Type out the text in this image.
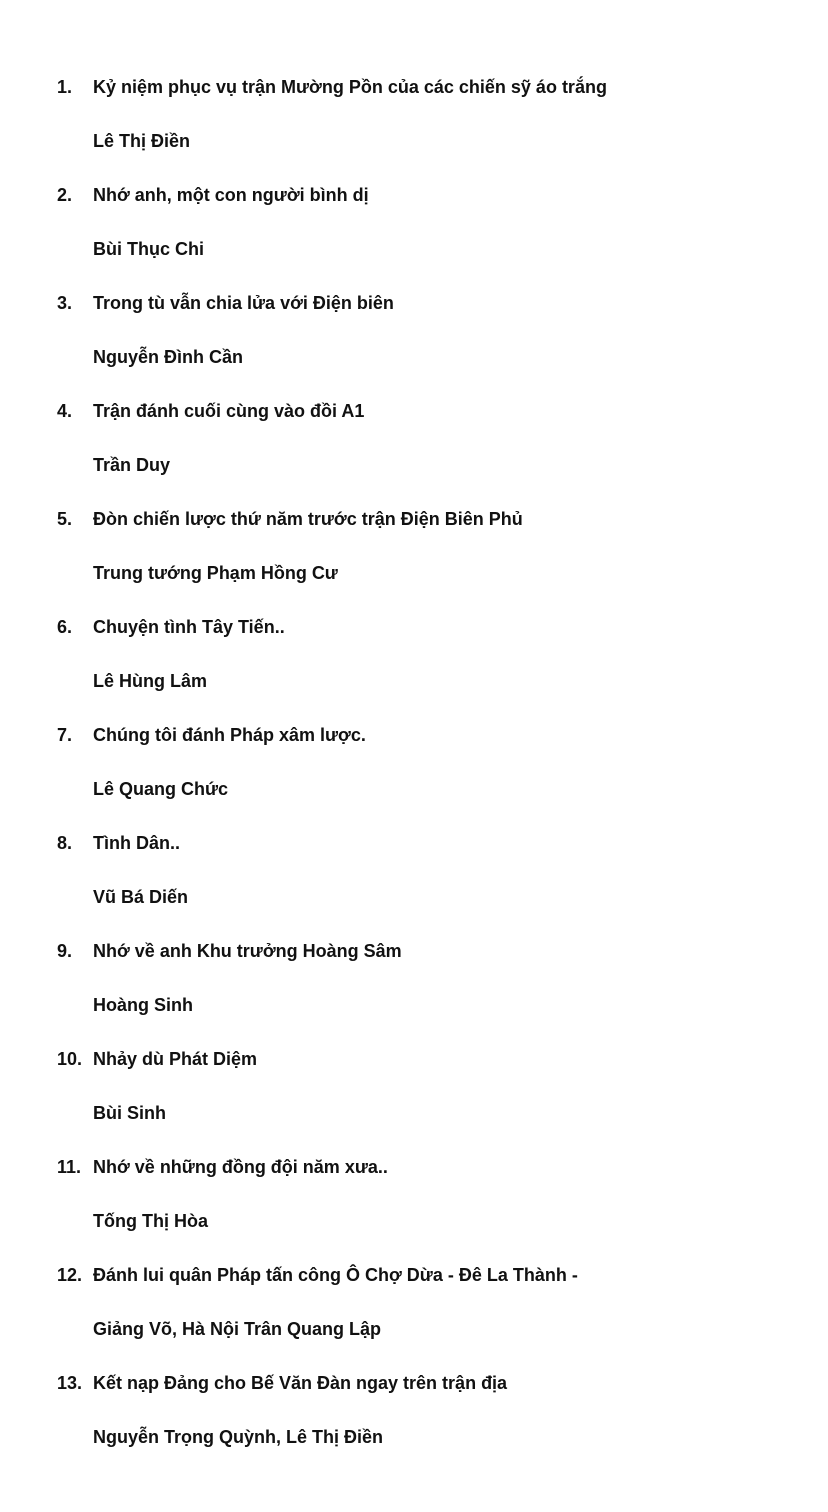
1. Kỷ niệm phục vụ trận Mường Pồn của các chiến sỹ áo trắng
Lê Thị Điền
2. Nhớ anh, một con người bình dị
Bùi Thục Chi
3. Trong tù vẫn chia lửa với Điện biên
Nguyễn Đình Cần
4. Trận đánh cuối cùng vào đồi A1
Trần Duy
5. Đòn chiến lược thứ năm trước trận Điện Biên Phủ
Trung tướng Phạm Hồng Cư
6. Chuyện tình Tây Tiến..
Lê Hùng Lâm
7. Chúng tôi đánh Pháp xâm lược.
Lê Quang Chức
8. Tình Dân..
Vũ Bá Diến
9. Nhớ về anh Khu trưởng Hoàng Sâm
Hoàng Sinh
10. Nhảy dù Phát Diệm
Bùi Sinh
11. Nhớ về những đồng đội năm xưa..
Tống Thị Hòa
12. Đánh lui quân Pháp tấn công Ô Chợ Dừa - Đê La Thành -
Giảng Võ, Hà Nội Trân Quang Lập
13. Kết nạp Đảng cho Bế Văn Đàn ngay trên trận địa
Nguyễn Trọng Quỳnh, Lê Thị Điền
